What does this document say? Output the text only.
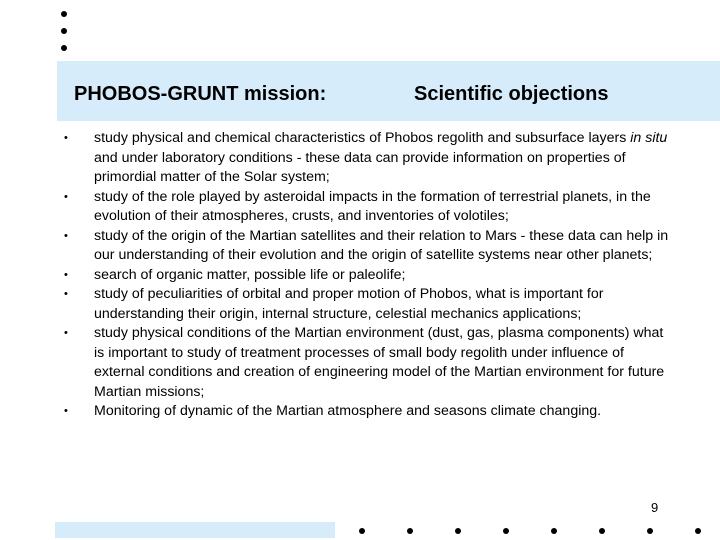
PHOBOS-GRUNT mission:	Scientific objections
• study physical and chemical characteristics of Phobos regolith and subsurface layers in situ and under laboratory conditions - these data can provide information on properties of primordial matter of the Solar system;
• study of the role played by asteroidal impacts in the formation of terrestrial planets, in the evolution of their atmospheres, crusts, and inventories of volotiles;
• study of the origin of the Martian satellites and their relation to Mars - these data can help in our understanding of their evolution and the origin of satellite systems near other planets;
• search of organic matter, possible life or paleolife;
• study of peculiarities of orbital and proper motion of Phobos, what is important for understanding their origin, internal structure, celestial mechanics applications;
• study physical conditions of the Martian environment (dust, gas, plasma components) what is important to study of treatment processes of small body regolith under influence of external conditions and creation of engineering model of the Martian environment for future Martian missions;
• Monitoring of dynamic of the Martian atmosphere and seasons climate changing.
9
